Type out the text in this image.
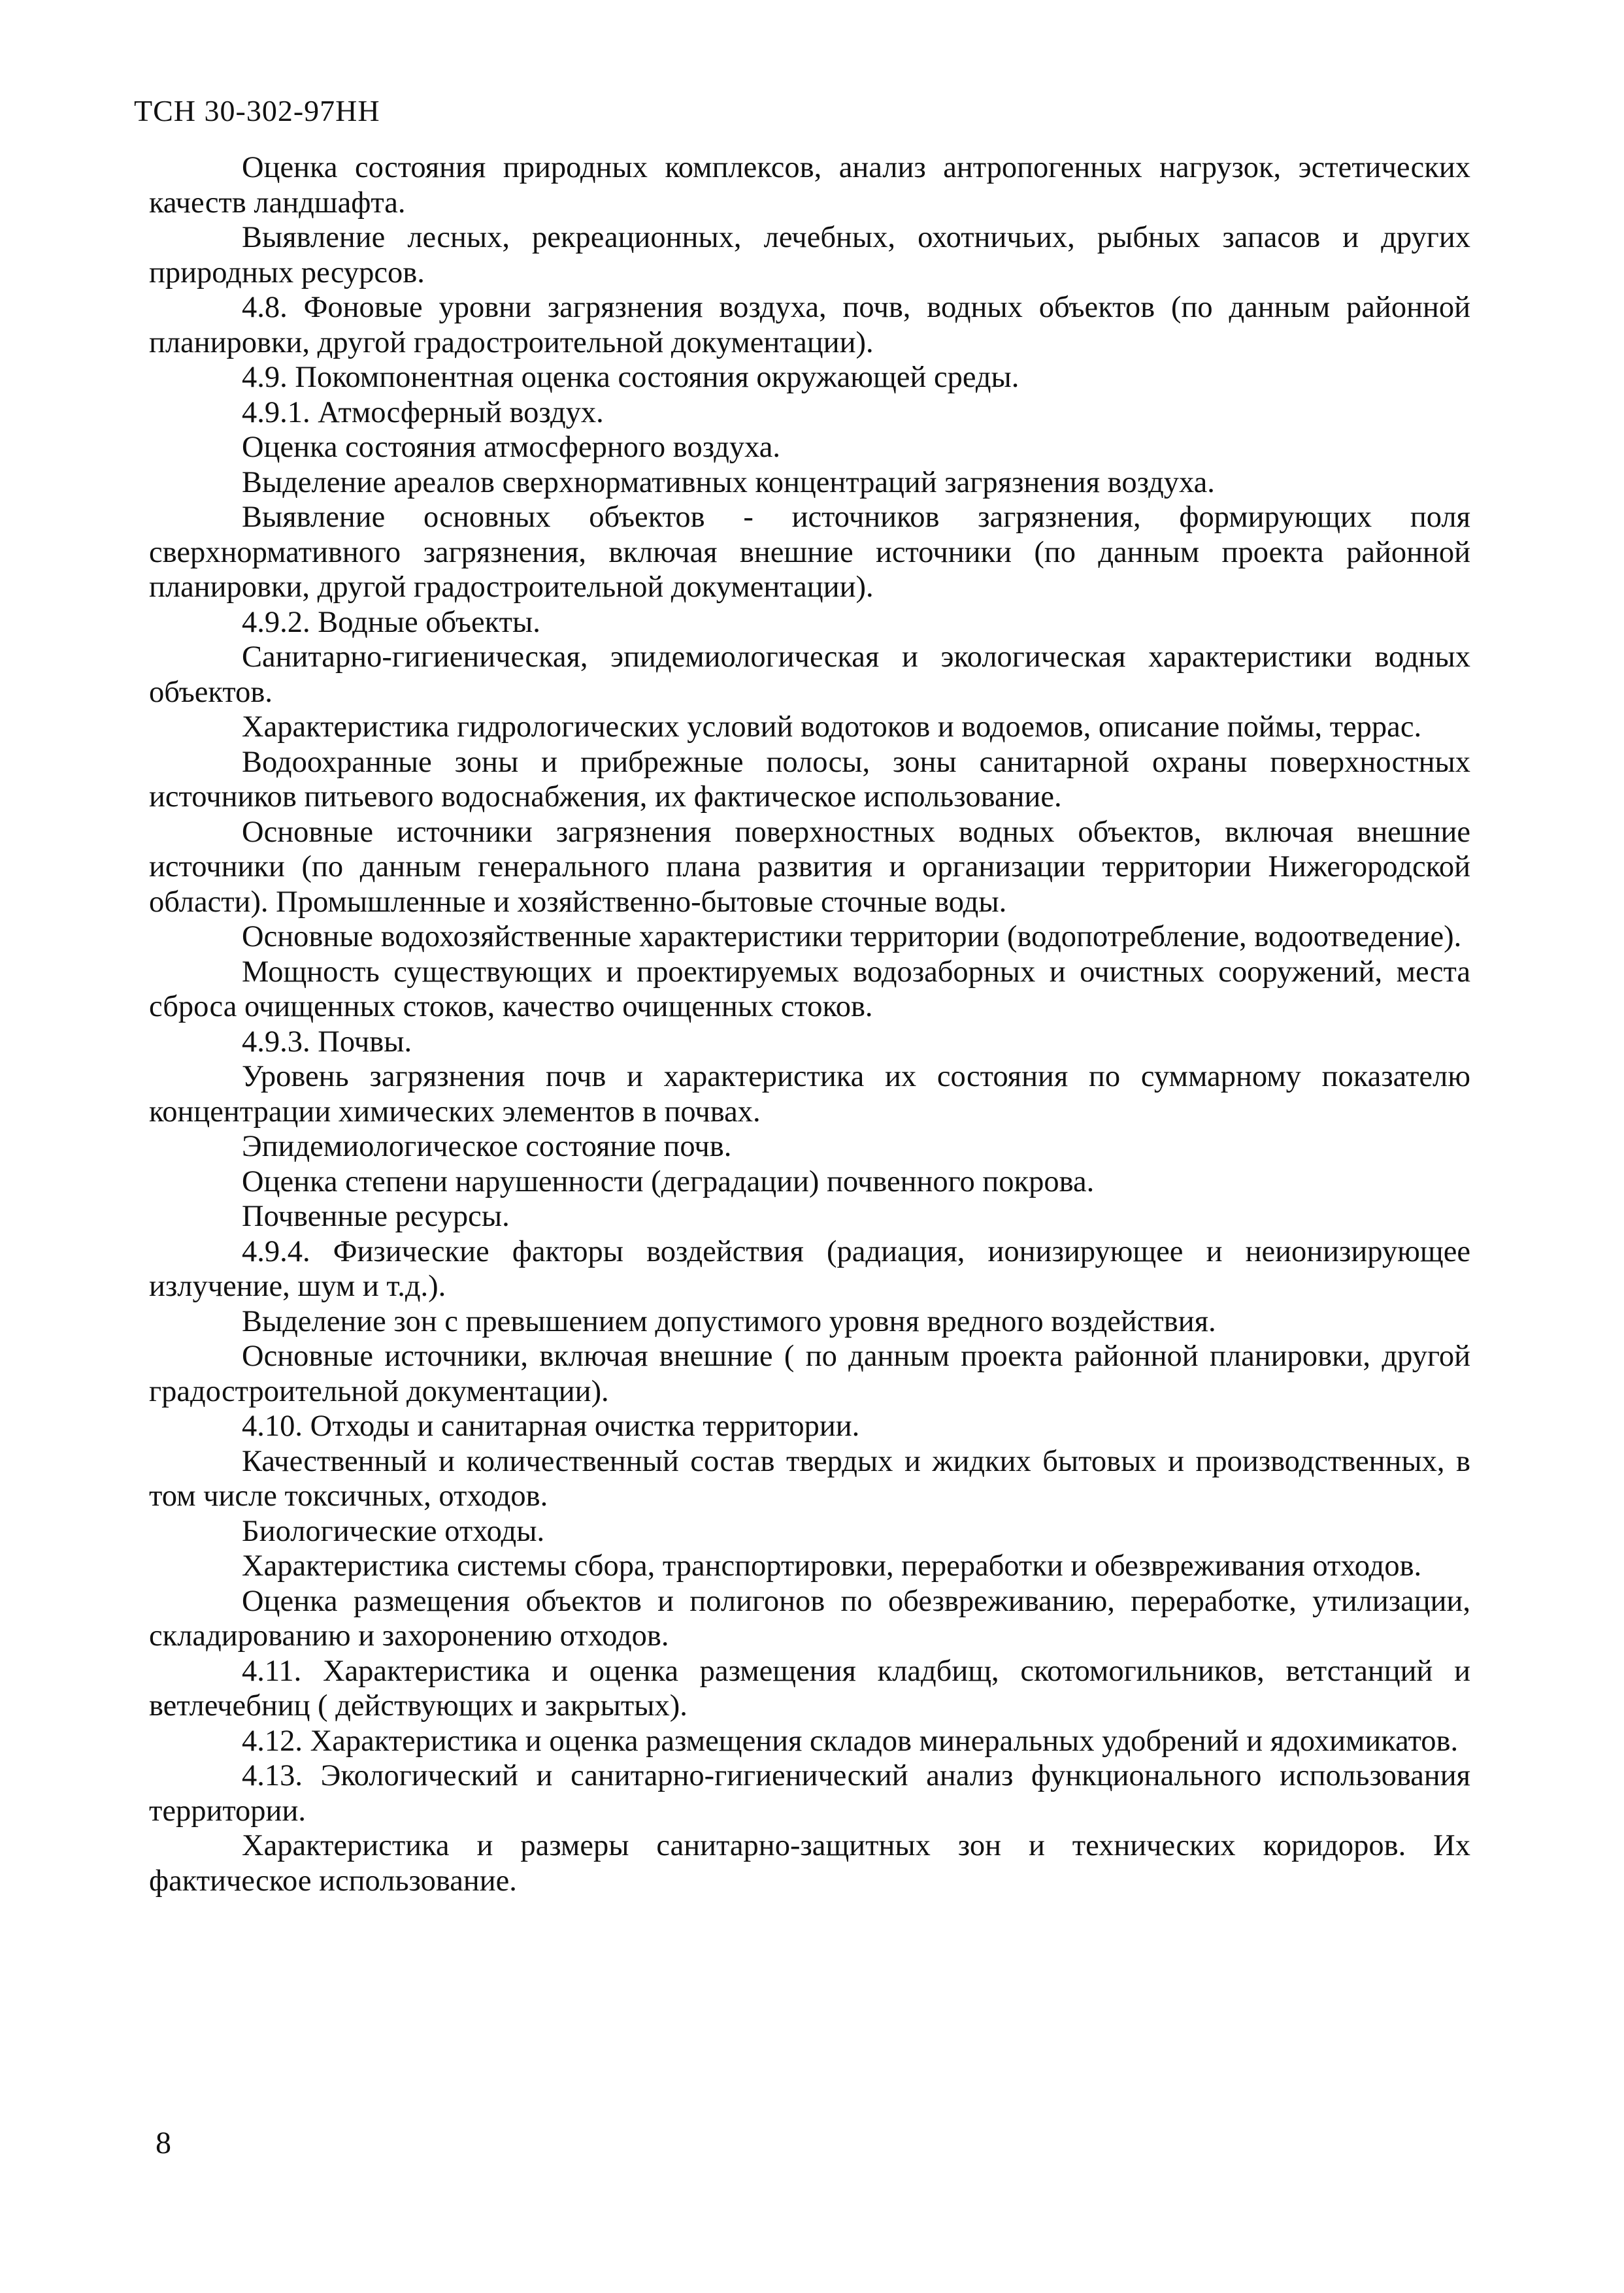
ТСН 30-302-97НН

Оценка состояния природных комплексов, анализ антропогенных нагрузок, эстетических качеств ландшафта.

Выявление лесных, рекреационных, лечебных, охотничьих, рыбных запасов и других природных ресурсов.

4.8. Фоновые уровни загрязнения воздуха, почв, водных объектов (по данным районной планировки, другой градостроительной документации).

4.9. Покомпонентная оценка состояния окружающей среды.

4.9.1. Атмосферный воздух.

Оценка состояния атмосферного воздуха.

Выделение ареалов сверхнормативных концентраций загрязнения воздуха.

Выявление основных объектов - источников загрязнения, формирующих поля сверхнормативного загрязнения, включая внешние источники (по данным проекта районной планировки, другой градостроительной документации).

4.9.2. Водные объекты.

Санитарно-гигиеническая, эпидемиологическая и экологическая характеристики водных объектов.

Характеристика гидрологических условий водотоков и водоемов, описание поймы, террас.

Водоохранные зоны и прибрежные полосы, зоны санитарной охраны поверхностных источников питьевого водоснабжения, их фактическое использование.

Основные источники загрязнения поверхностных водных объектов, включая внешние источники (по данным генерального плана развития и организации территории Нижегородской области). Промышленные и хозяйственно-бытовые сточные воды.

Основные водохозяйственные характеристики территории (водопотребление, водоотведение).

Мощность существующих и проектируемых водозаборных и очистных сооружений, места сброса очищенных стоков, качество очищенных стоков.

4.9.3. Почвы.

Уровень загрязнения почв и характеристика их состояния по суммарному показателю концентрации химических элементов в почвах.

Эпидемиологическое состояние почв.

Оценка степени нарушенности (деградации) почвенного покрова.

Почвенные ресурсы.

4.9.4. Физические факторы воздействия (радиация, ионизирующее и неионизирующее излучение, шум и т.д.).

Выделение зон с превышением допустимого уровня вредного воздействия.

Основные источники, включая внешние ( по данным проекта районной планировки, другой градостроительной документации).

4.10. Отходы и санитарная очистка территории.

Качественный и количественный состав твердых и жидких бытовых и производственных, в том числе токсичных, отходов.

Биологические отходы.

Характеристика системы сбора, транспортировки, переработки и обезвреживания отходов.

Оценка размещения объектов и полигонов по обезвреживанию, переработке, утилизации, складированию и захоронению отходов.

4.11. Характеристика и оценка размещения кладбищ, скотомогильников, ветстанций и ветлечебниц ( действующих и закрытых).

4.12. Характеристика и оценка размещения складов минеральных удобрений и ядохимикатов.

4.13. Экологический и санитарно-гигиенический анализ функционального использования территории.

Характеристика и размеры санитарно-защитных зон и технических коридоров. Их фактическое использование.

8
